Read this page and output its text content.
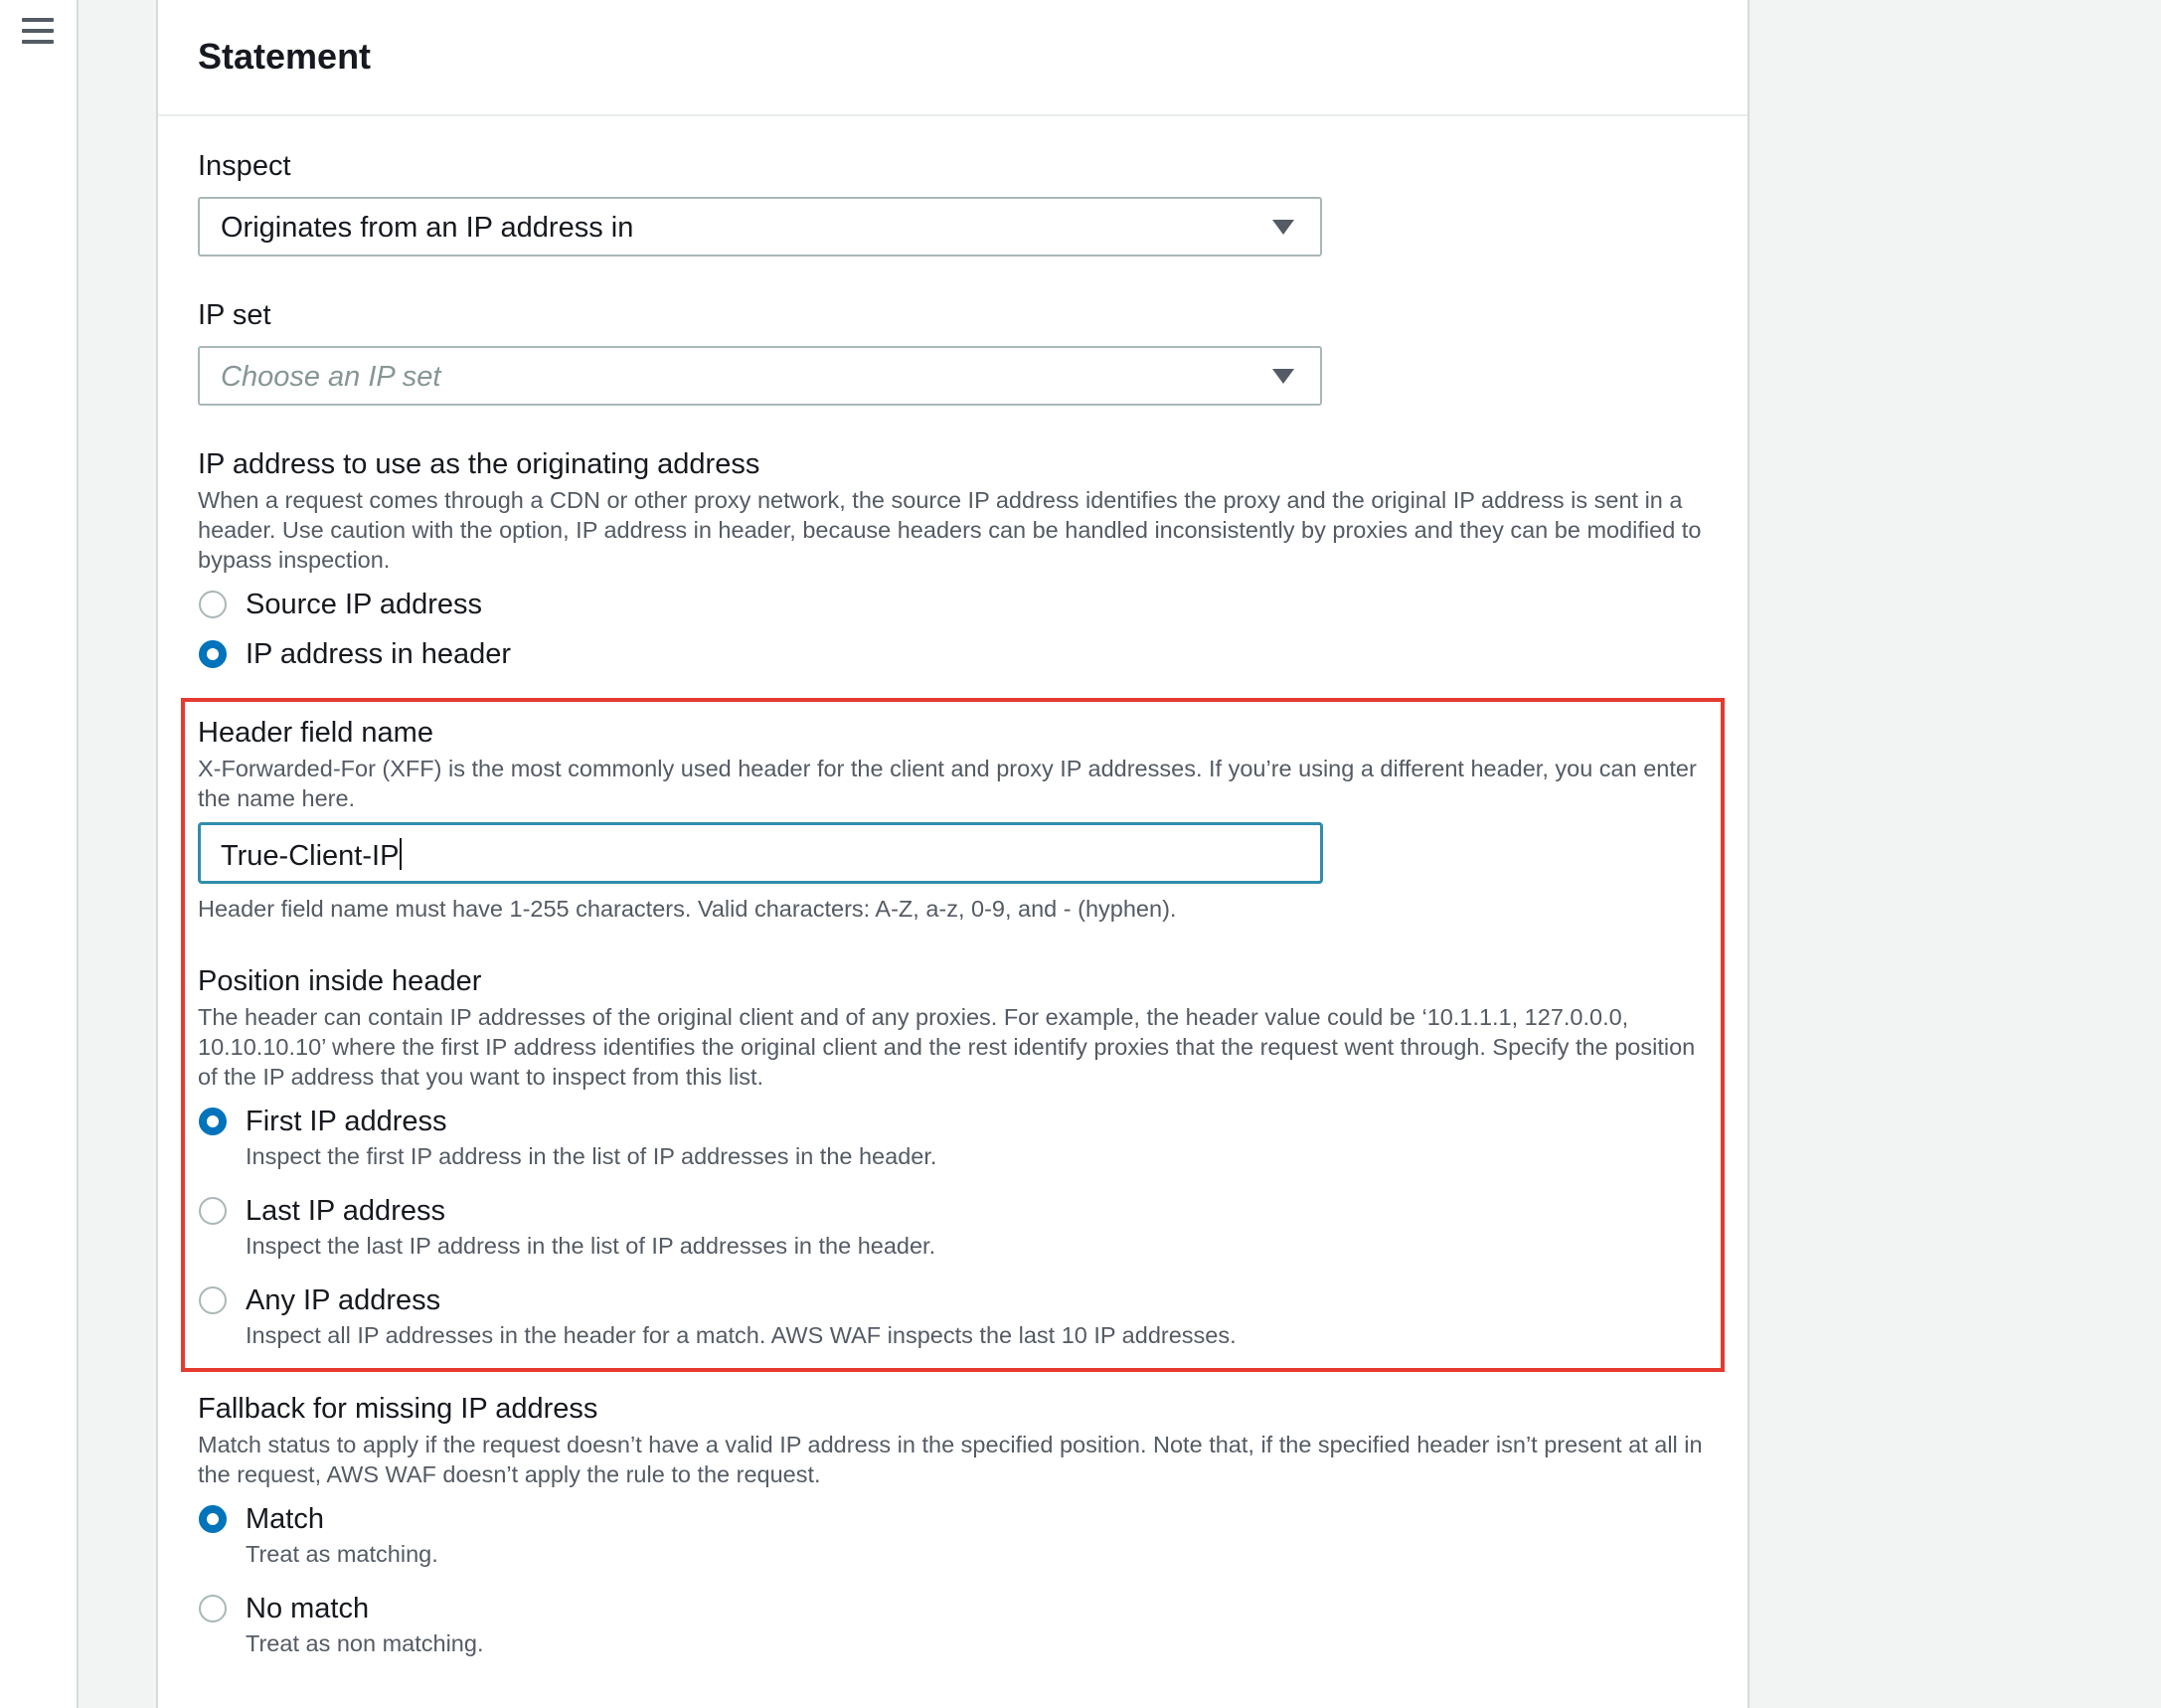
Statement
Inspect
Originates from an IP address in
IP set
Choose an IP set
IP address to use as the originating address
When a request comes through a CDN or other proxy network, the source IP address identifies the proxy and the original IP address is sent in a header. Use caution with the option, IP address in header, because headers can be handled inconsistently by proxies and they can be modified to bypass inspection.
Source IP address
IP address in header
Header field name
X-Forwarded-For (XFF) is the most commonly used header for the client and proxy IP addresses. If you’re using a different header, you can enter the name here.
True-Client-IP
Header field name must have 1-255 characters. Valid characters: A-Z, a-z, 0-9, and - (hyphen).
Position inside header
The header can contain IP addresses of the original client and of any proxies. For example, the header value could be ‘10.1.1.1, 127.0.0.0, 10.10.10.10’ where the first IP address identifies the original client and the rest identify proxies that the request went through. Specify the position of the IP address that you want to inspect from this list.
First IP address
Inspect the first IP address in the list of IP addresses in the header.
Last IP address
Inspect the last IP address in the list of IP addresses in the header.
Any IP address
Inspect all IP addresses in the header for a match. AWS WAF inspects the last 10 IP addresses.
Fallback for missing IP address
Match status to apply if the request doesn’t have a valid IP address in the specified position. Note that, if the specified header isn’t present at all in the request, AWS WAF doesn’t apply the rule to the request.
Match
Treat as matching.
No match
Treat as non matching.
